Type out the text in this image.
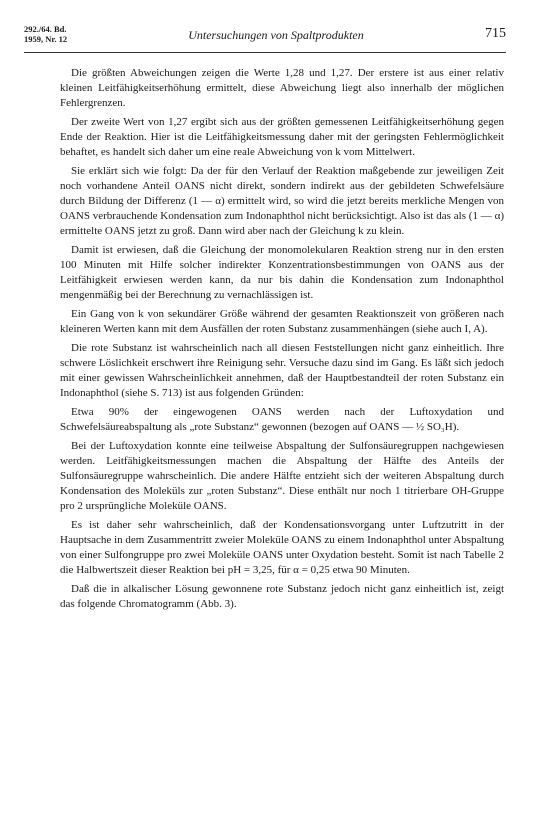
292./64. Bd.
1959, Nr. 12	Untersuchungen von Spaltprodukten	715

Die größten Abweichungen zeigen die Werte 1,28 und 1,27. Der erstere ist aus einer relativ kleinen Leitfähigkeitserhöhung ermittelt, diese Abweichung liegt also innerhalb der möglichen Fehlergrenzen.

Der zweite Wert von 1,27 ergibt sich aus der größten gemessenen Leitfähigkeitserhöhung gegen Ende der Reaktion. Hier ist die Leitfähigkeitsmessung daher mit der geringsten Fehlermöglichkeit behaftet, es handelt sich daher um eine reale Abweichung von k vom Mittelwert.

Sie erklärt sich wie folgt: Da der für den Verlauf der Reaktion maßgebende zur jeweiligen Zeit noch vorhandene Anteil OANS nicht direkt, sondern indirekt aus der gebildeten Schwefelsäure durch Bildung der Differenz (1 — α) ermittelt wird, so wird die jetzt bereits merkliche Mengen von OANS verbrauchende Kondensation zum Indonaphthol nicht berücksichtigt. Also ist das als (1 — α) ermittelte OANS jetzt zu groß. Dann wird aber nach der Gleichung k zu klein.

Damit ist erwiesen, daß die Gleichung der monomolekularen Reaktion streng nur in den ersten 100 Minuten mit Hilfe solcher indirekter Konzentrationsbestimmungen von OANS aus der Leitfähigkeit erwiesen werden kann, da nur bis dahin die Kondensation zum Indonaphthol mengenmäßig bei der Berechnung zu vernachlässigen ist.

Ein Gang von k von sekundärer Größe während der gesamten Reaktionszeit von größeren nach kleineren Werten kann mit dem Ausfällen der roten Substanz zusammenhängen (siehe auch I, A).

Die rote Substanz ist wahrscheinlich nach all diesen Feststellungen nicht ganz einheitlich. Ihre schwere Löslichkeit erschwert ihre Reinigung sehr. Versuche dazu sind im Gang. Es läßt sich jedoch mit einer gewissen Wahrscheinlichkeit annehmen, daß der Hauptbestandteil der roten Substanz ein Indonaphthol (siehe S. 713) ist aus folgenden Gründen:

Etwa 90% der eingewogenen OANS werden nach der Luftoxydation und Schwefelsäureabspaltung als „rote Substanz“ gewonnen (bezogen auf OANS — ½ SO₃H).

Bei der Luftoxydation konnte eine teilweise Abspaltung der Sulfonsäuregruppen nachgewiesen werden. Leitfähigkeitsmessungen machen die Abspaltung der Hälfte des Anteils der Sulfonsäuregruppe wahrscheinlich. Die andere Hälfte entzieht sich der weiteren Abspaltung durch Kondensation des Moleküls zur „roten Substanz“. Diese enthält nur noch 1 titrierbare OH-Gruppe pro 2 ursprüngliche Moleküle OANS.

Es ist daher sehr wahrscheinlich, daß der Kondensationsvorgang unter Luftzutritt in der Hauptsache in dem Zusammentritt zweier Moleküle OANS zu einem Indonaphthol unter Abspaltung von einer Sulfongruppe pro zwei Moleküle OANS unter Oxydation besteht. Somit ist nach Tabelle 2 die Halbwertszeit dieser Reaktion bei pH = 3,25, für α = 0,25 etwa 90 Minuten.

Daß die in alkalischer Lösung gewonnene rote Substanz jedoch nicht ganz einheitlich ist, zeigt das folgende Chromatogramm (Abb. 3).
